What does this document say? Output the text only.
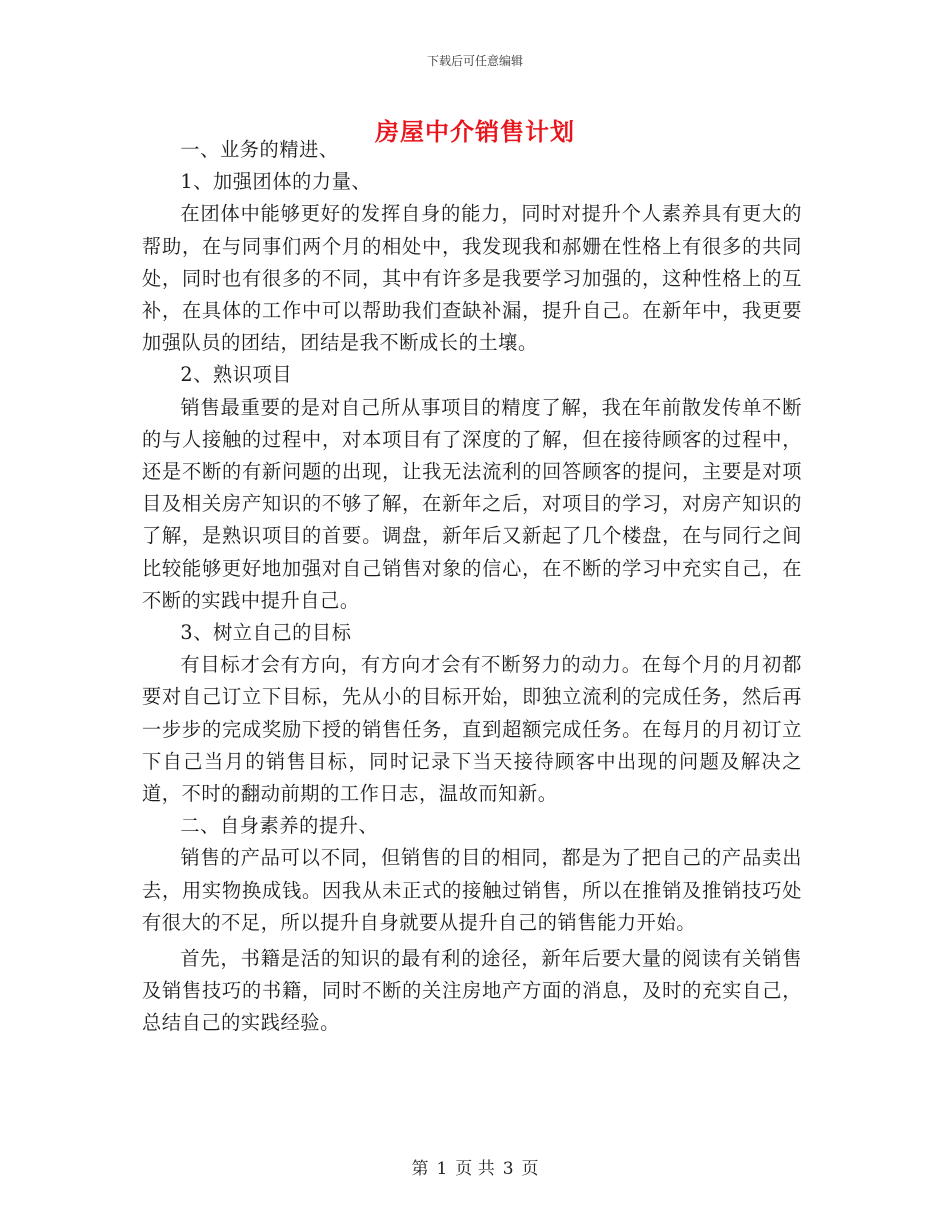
下载后可任意编辑
房屋中介销售计划

一、业务的精进、

1、加强团体的力量、

在团体中能够更好的发挥自身的能力，同时对提升个人素养具有更大的帮助，在与同事们两个月的相处中，我发现我和郝姗在性格上有很多的共同处，同时也有很多的不同，其中有许多是我要学习加强的，这种性格上的互补，在具体的工作中可以帮助我们查缺补漏，提升自己。在新年中，我更要加强队员的团结，团结是我不断成长的土壤。

2、熟识项目

销售最重要的是对自己所从事项目的精度了解，我在年前散发传单不断的与人接触的过程中，对本项目有了深度的了解，但在接待顾客的过程中，还是不断的有新问题的出现，让我无法流利的回答顾客的提问，主要是对项目及相关房产知识的不够了解，在新年之后，对项目的学习，对房产知识的了解，是熟识项目的首要。调盘，新年后又新起了几个楼盘，在与同行之间比较能够更好地加强对自己销售对象的信心，在不断的学习中充实自己，在不断的实践中提升自己。

3、树立自己的目标

有目标才会有方向，有方向才会有不断努力的动力。在每个月的月初都要对自己订立下目标，先从小的目标开始，即独立流利的完成任务，然后再一步步的完成奖励下授的销售任务，直到超额完成任务。在每月的月初订立下自己当月的销售目标，同时记录下当天接待顾客中出现的问题及解决之道，不时的翻动前期的工作日志，温故而知新。

二、自身素养的提升、

销售的产品可以不同，但销售的目的相同，都是为了把自己的产品卖出去，用实物换成钱。因我从未正式的接触过销售，所以在推销及推销技巧处有很大的不足，所以提升自身就要从提升自己的销售能力开始。

首先，书籍是活的知识的最有利的途径，新年后要大量的阅读有关销售及销售技巧的书籍，同时不断的关注房地产方面的消息，及时的充实自己，总结自己的实践经验。

第 1 页 共 3 页
